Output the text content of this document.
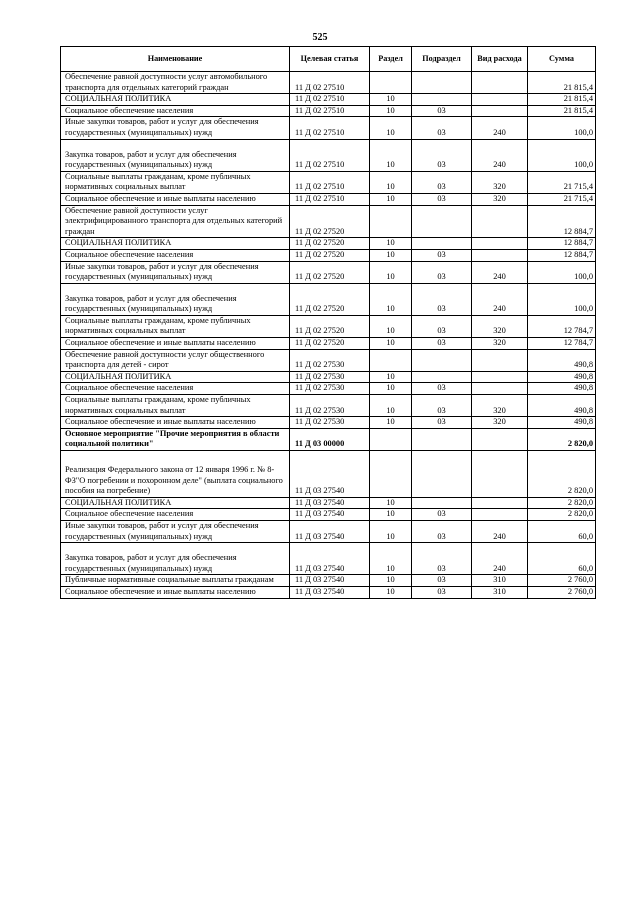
525
Наименование	Целевая статья	Раздел	Подраздел	Вид расхода	Сумма
Обеспечение равной доступности услуг автомобильного транспорта для отдельных категорий граждан	11 Д 02 27510				21 815,4
СОЦИАЛЬНАЯ ПОЛИТИКА	11 Д 02 27510	10			21 815,4
Социальное обеспечение населения	11 Д 02 27510	10	03		21 815,4
Иные закупки товаров, работ и услуг для обеспечения государственных (муниципальных) нужд	11 Д 02 27510	10	03	240	100,0
Закупка товаров, работ и услуг для обеспечения государственных (муниципальных) нужд	11 Д 02 27510	10	03	240	100,0
Социальные выплаты гражданам, кроме публичных нормативных социальных выплат	11 Д 02 27510	10	03	320	21 715,4
Социальное обеспечение и иные выплаты населению	11 Д 02 27510	10	03	320	21 715,4
Обеспечение равной доступности услуг электрифицированного транспорта для отдельных категорий граждан	11 Д 02 27520				12 884,7
СОЦИАЛЬНАЯ ПОЛИТИКА	11 Д 02 27520	10			12 884,7
Социальное обеспечение населения	11 Д 02 27520	10	03		12 884,7
Иные закупки товаров, работ и услуг для обеспечения государственных (муниципальных) нужд	11 Д 02 27520	10	03	240	100,0
Закупка товаров, работ и услуг для обеспечения государственных (муниципальных) нужд	11 Д 02 27520	10	03	240	100,0
Социальные выплаты гражданам, кроме публичных нормативных социальных выплат	11 Д 02 27520	10	03	320	12 784,7
Социальное обеспечение и иные выплаты населению	11 Д 02 27520	10	03	320	12 784,7
Обеспечение равной доступности услуг общественного транспорта для детей - сирот	11 Д 02 27530				490,8
СОЦИАЛЬНАЯ ПОЛИТИКА	11 Д 02 27530	10			490,8
Социальное обеспечение населения	11 Д 02 27530	10	03		490,8
Социальные выплаты гражданам, кроме публичных нормативных социальных выплат	11 Д 02 27530	10	03	320	490,8
Социальное обеспечение и иные выплаты населению	11 Д 02 27530	10	03	320	490,8
Основное мероприятие "Прочие мероприятия в области социальной политики"	11 Д 03 00000				2 820,0
Реализация Федерального закона от 12 января 1996 г. № 8-ФЗ"О погребении и похоронном деле" (выплата социального пособия на погребение)	11 Д 03 27540				2 820,0
СОЦИАЛЬНАЯ ПОЛИТИКА	11 Д 03 27540	10			2 820,0
Социальное обеспечение населения	11 Д 03 27540	10	03		2 820,0
Иные закупки товаров, работ и услуг для обеспечения государственных (муниципальных) нужд	11 Д 03 27540	10	03	240	60,0
Закупка товаров, работ и услуг для обеспечения государственных (муниципальных) нужд	11 Д 03 27540	10	03	240	60,0
Публичные нормативные социальные выплаты гражданам	11 Д 03 27540	10	03	310	2 760,0
Социальное обеспечение и иные выплаты населению	11 Д 03 27540	10	03	310	2 760,0
